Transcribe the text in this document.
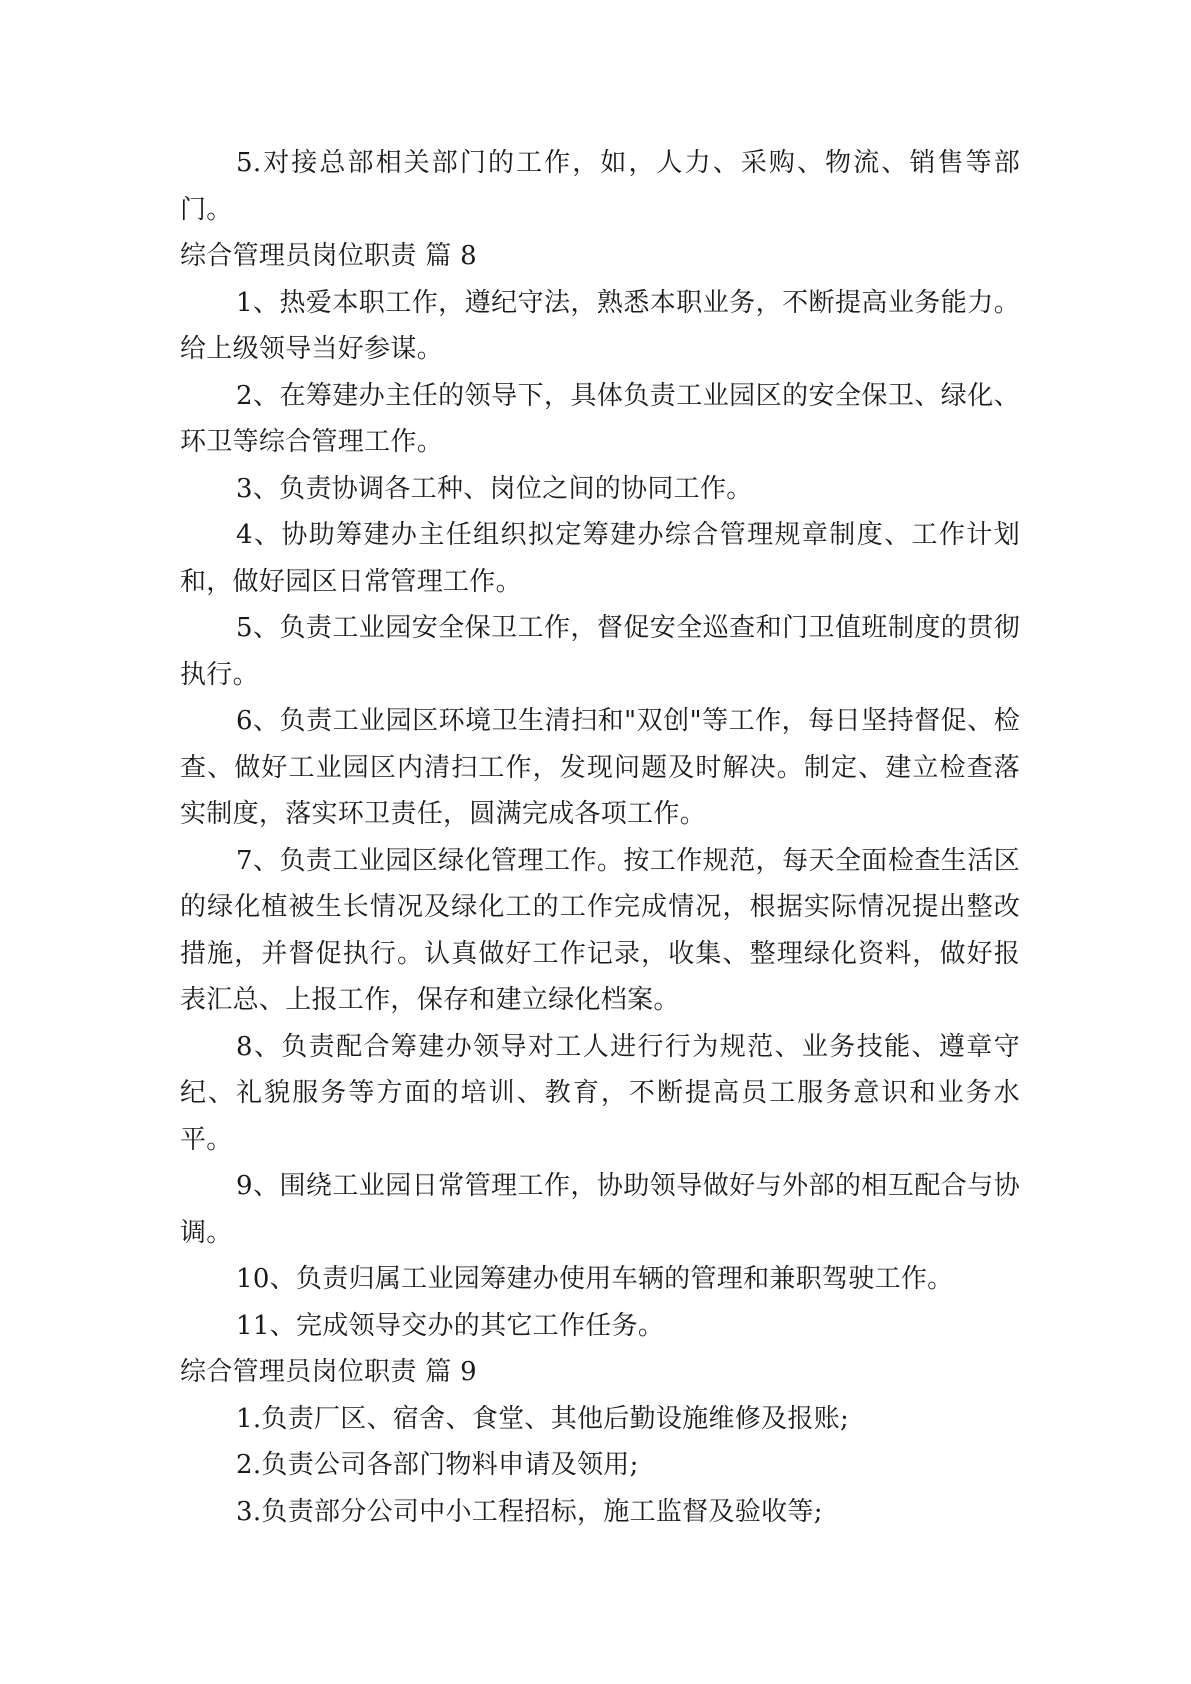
5.对接总部相关部门的工作，如，人力、采购、物流、销售等部门。

综合管理员岗位职责 篇 8

1、热爱本职工作，遵纪守法，熟悉本职业务，不断提高业务能力。给上级领导当好参谋。

2、在筹建办主任的领导下，具体负责工业园区的安全保卫、绿化、环卫等综合管理工作。

3、负责协调各工种、岗位之间的协同工作。

4、协助筹建办主任组织拟定筹建办综合管理规章制度、工作计划和，做好园区日常管理工作。

5、负责工业园安全保卫工作，督促安全巡查和门卫值班制度的贯彻执行。

6、负责工业园区环境卫生清扫和"双创"等工作，每日坚持督促、检查、做好工业园区内清扫工作，发现问题及时解决。制定、建立检查落实制度，落实环卫责任，圆满完成各项工作。

7、负责工业园区绿化管理工作。按工作规范，每天全面检查生活区的绿化植被生长情况及绿化工的工作完成情况，根据实际情况提出整改措施，并督促执行。认真做好工作记录，收集、整理绿化资料，做好报表汇总、上报工作，保存和建立绿化档案。

8、负责配合筹建办领导对工人进行行为规范、业务技能、遵章守纪、礼貌服务等方面的培训、教育，不断提高员工服务意识和业务水平。

9、围绕工业园日常管理工作，协助领导做好与外部的相互配合与协调。

10、负责归属工业园筹建办使用车辆的管理和兼职驾驶工作。

11、完成领导交办的其它工作任务。

综合管理员岗位职责 篇 9

1.负责厂区、宿舍、食堂、其他后勤设施维修及报账;

2.负责公司各部门物料申请及领用;

3.负责部分公司中小工程招标，施工监督及验收等;
